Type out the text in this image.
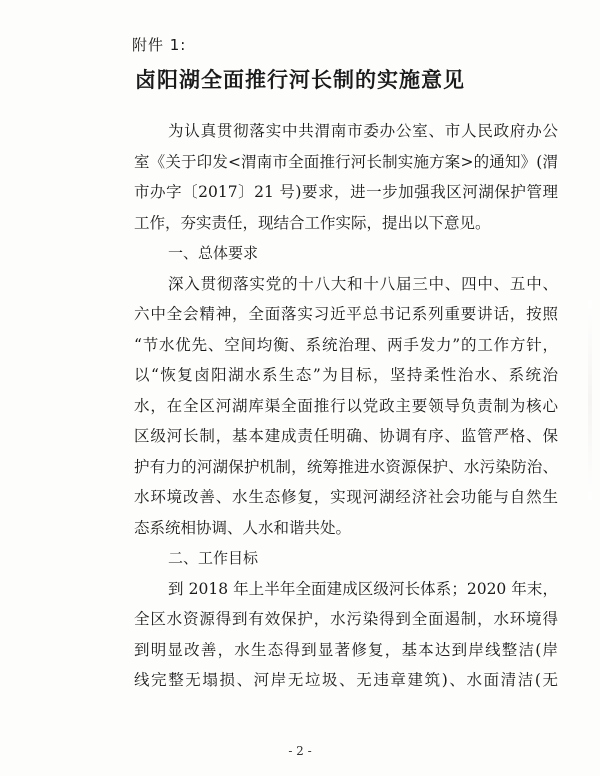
附件 1:
卤阳湖全面推行河长制的实施意见
为认真贯彻落实中共渭南市委办公室、市人民政府办公
室《关于印发<渭南市全面推行河长制实施方案>的通知》(渭
市办字〔2017〕21 号)要求，进一步加强我区河湖保护管理
工作，夯实责任，现结合工作实际，提出以下意见。
一、总体要求
深入贯彻落实党的十八大和十八届三中、四中、五中、
六中全会精神，全面落实习近平总书记系列重要讲话，按照
“节水优先、空间均衡、系统治理、两手发力”的工作方针，
以“恢复卤阳湖水系生态”为目标，坚持柔性治水、系统治
水，在全区河湖库渠全面推行以党政主要领导负责制为核心
区级河长制，基本建成责任明确、协调有序、监管严格、保
护有力的河湖保护机制，统筹推进水资源保护、水污染防治、
水环境改善、水生态修复，实现河湖经济社会功能与自然生
态系统相协调、人水和谐共处。
二、工作目标
到 2018 年上半年全面建成区级河长体系；2020 年末，
全区水资源得到有效保护，水污染得到全面遏制，水环境得
到明显改善，水生态得到显著修复，基本达到岸线整洁(岸
线完整无塌损、河岸无垃圾、无违章建筑)、水面清洁(无
- 2 -
